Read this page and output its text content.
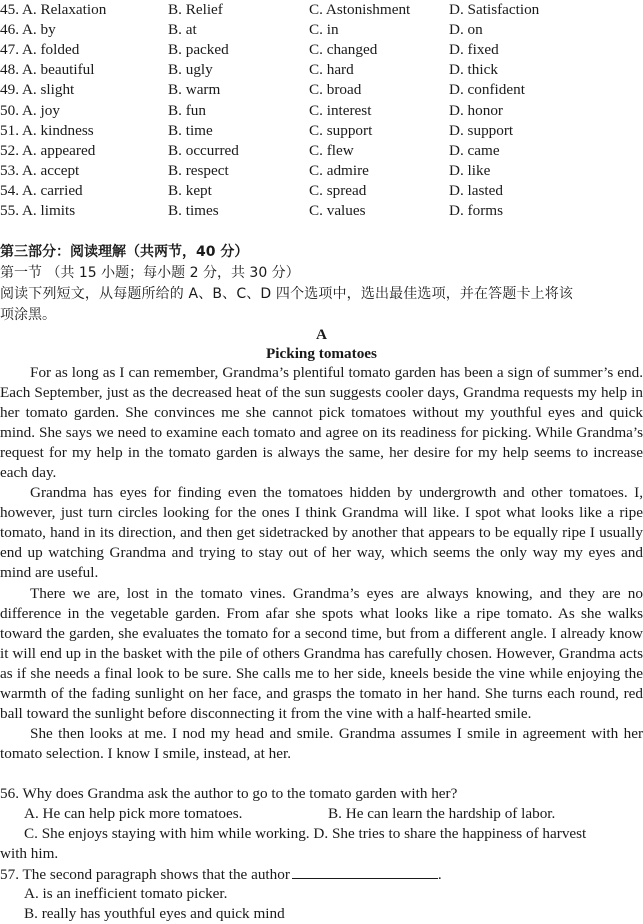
45. A. Relaxation	B. Relief	C. Astonishment	D. Satisfaction
46. A. by	B. at	C. in	D. on
47. A. folded	B. packed	C. changed	D. fixed
48. A. beautiful	B. ugly	C. hard	D. thick
49. A. slight	B. warm	C. broad	D. confident
50. A. joy	B. fun	C. interest	D. honor
51. A. kindness	B. time	C. support	D. support
52. A. appeared	B. occurred	C. flew	D. came
53. A. accept	B. respect	C. admire	D. like
54. A. carried	B. kept	C. spread	D. lasted
55. A. limits	B. times	C. values	D. forms
第三部分：阅读理解（共两节，40 分）
第一节 （共 15 小题；每小题 2 分，共 30 分）
阅读下列短文，从每题所给的 A、B、C、D 四个选项中，选出最佳选项，并在答题卡上将该
项涂黑。
A
Picking tomatoes

For as long as I can remember, Grandma’s plentiful tomato garden has been a sign of summer’s end. Each September, just as the decreased heat of the sun suggests cooler days, Grandma requests my help in her tomato garden. She convinces me she cannot pick tomatoes without my youthful eyes and quick mind. She says we need to examine each tomato and agree on its readiness for picking. While Grandma’s request for my help in the tomato garden is always the same, her desire for my help seems to increase each day.

Grandma has eyes for finding even the tomatoes hidden by undergrowth and other tomatoes. I, however, just turn circles looking for the ones I think Grandma will like. I spot what looks like a ripe tomato, hand in its direction, and then get sidetracked by another that appears to be equally ripe I usually end up watching Grandma and trying to stay out of her way, which seems the only way my eyes and mind are useful.

There we are, lost in the tomato vines. Grandma’s eyes are always knowing, and they are no difference in the vegetable garden. From afar she spots what looks like a ripe tomato. As she walks toward the garden, she evaluates the tomato for a second time, but from a different angle. I already know it will end up in the basket with the pile of others Grandma has carefully chosen. However, Grandma acts as if she needs a final look to be sure. She calls me to her side, kneels beside the vine while enjoying the warmth of the fading sunlight on her face, and grasps the tomato in her hand. She turns each round, red ball toward the sunlight before disconnecting it from the vine with a half-hearted smile.

She then looks at me. I nod my head and smile. Grandma assumes I smile in agreement with her tomato selection. I know I smile, instead, at her.

56. Why does Grandma ask the author to go to the tomato garden with her?
A. He can help pick more tomatoes.	B. He can learn the hardship of labor.
C. She enjoys staying with him while working. D. She tries to share the happiness of harvest
with him.
57. The second paragraph shows that the author	.
A. is an inefficient tomato picker.
B. really has youthful eyes and quick mind
